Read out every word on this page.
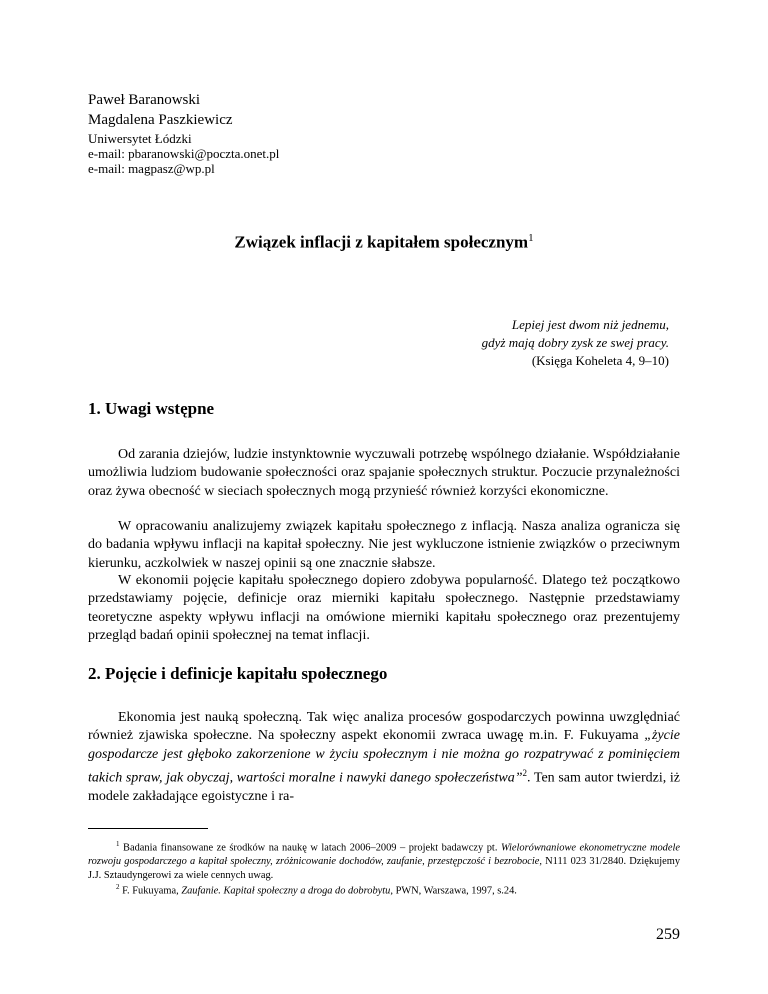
Paweł Baranowski
Magdalena Paszkiewicz
Uniwersytet Łódzki
e-mail: pbaranowski@poczta.onet.pl
e-mail: magpasz@wp.pl
Związek inflacji z kapitałem społecznym$^1$
Lepiej jest dwom niż jednemu,
gdyż mają dobry zysk ze swej pracy.
(Księga Koheleta 4, 9–10)
1. Uwagi wstępne
Od zarania dziejów, ludzie instynktownie wyczuwali potrzebę wspólnego działanie. Współdziałanie umożliwia ludziom budowanie społeczności oraz spajanie społecznych struktur. Poczucie przynależności oraz żywa obecność w sieciach społecznych mogą przynieść również korzyści ekonomiczne.
W opracowaniu analizujemy związek kapitału społecznego z inflacją. Nasza analiza ogranicza się do badania wpływu inflacji na kapitał społeczny. Nie jest wykluczone istnienie związków o przeciwnym kierunku, aczkolwiek w naszej opinii są one znacznie słabsze.
W ekonomii pojęcie kapitału społecznego dopiero zdobywa popularność. Dlatego też początkowo przedstawiamy pojęcie, definicje oraz mierniki kapitału społecznego. Następnie przedstawiamy teoretyczne aspekty wpływu inflacji na omówione mierniki kapitału społecznego oraz prezentujemy przegląd badań opinii społecznej na temat inflacji.
2. Pojęcie i definicje kapitału społecznego
Ekonomia jest nauką społeczną. Tak więc analiza procesów gospodarczych powinna uwzględniać również zjawiska społeczne. Na społeczny aspekt ekonomii zwraca uwagę m.in. F. Fukuyama „życie gospodarcze jest głęboko zakorzenione w życiu społecznym i nie można go rozpatrywać z pominięciem takich spraw, jak obyczaj, wartości moralne i nawyki danego społeczeństwa”$^2$. Ten sam autor twierdzi, iż modele zakładające egoistyczne i ra-
$^1$ Badania finansowane ze środków na naukę w latach 2006–2009 – projekt badawczy pt. Wielorównaniowe ekonometryczne modele rozwoju gospodarczego a kapitał społeczny, zróżnicowanie dochodów, zaufanie, przestępczość i bezrobocie, N111 023 31/2840. Dziękujemy J.J. Sztaudyngerowi za wiele cennych uwag.
$^2$ F. Fukuyama, Zaufanie. Kapitał społeczny a droga do dobrobytu, PWN, Warszawa, 1997, s.24.
259
